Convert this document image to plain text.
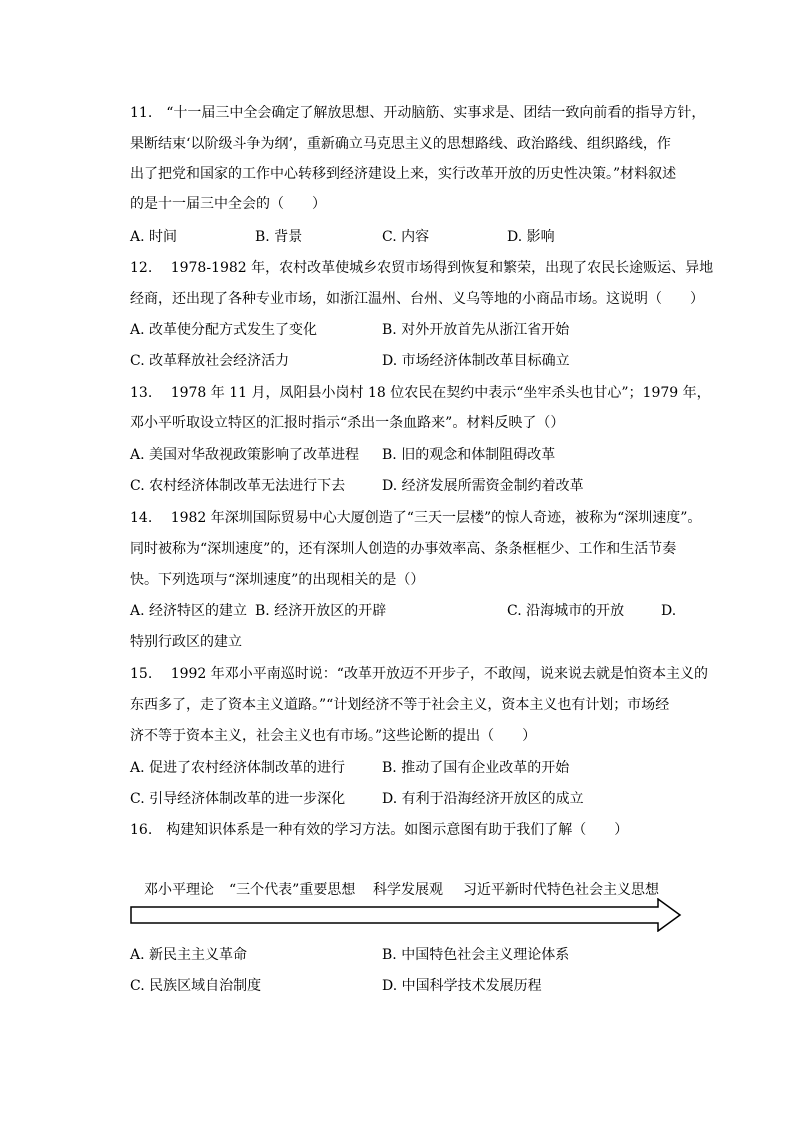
11.　“十一届三中全会确定了解放思想、开动脑筋、实事求是、团结一致向前看的指导方针，
果断结束‘以阶级斗争为纲’，重新确立马克思主义的思想路线、政治路线、组织路线，作
出了把党和国家的工作中心转移到经济建设上来，实行改革开放的历史性决策。”材料叙述
的是十一届三中全会的（　　）
A. 时间	B. 背景	C. 内容	D. 影响
12.　 1978-1982 年，农村改革使城乡农贸市场得到恢复和繁荣，出现了农民长途贩运、异地
经商，还出现了各种专业市场，如浙江温州、台州、义乌等地的小商品市场。这说明（　　）
A. 改革使分配方式发生了变化	B. 对外开放首先从浙江省开始
C. 改革释放社会经济活力	D. 市场经济体制改革目标确立
13.　 1978 年 11 月，凤阳县小岗村 18 位农民在契约中表示“坐牢杀头也甘心”；1979 年，
邓小平听取设立特区的汇报时指示“杀出一条血路来”。材料反映了（）
A. 美国对华敌视政策影响了改革进程 B. 旧的观念和体制阻碍改革
C. 农村经济体制改革无法进行下去	D. 经济发展所需资金制约着改革
14.　 1982 年深圳国际贸易中心大厦创造了“三天一层楼”的惊人奇迹，被称为“深圳速度”。
同时被称为“深圳速度”的，还有深圳人创造的办事效率高、条条框框少、工作和生活节奏
快。下列选项与“深圳速度”的出现相关的是（）
A. 经济特区的建立 B. 经济开放区的开辟	C. 沿海城市的开放	D.
特别行政区的建立
15.　 1992 年邓小平南巡时说：“改革开放迈不开步子，不敢闯，说来说去就是怕资本主义的
东西多了，走了资本主义道路。”“计划经济不等于社会主义，资本主义也有计划；市场经
济不等于资本主义，社会主义也有市场。”这些论断的提出（　　）
A. 促进了农村经济体制改革的进行	B. 推动了国有企业改革的开始
C. 引导经济体制改革的进一步深化	D. 有利于沿海经济开放区的成立
16.　构建知识体系是一种有效的学习方法。如图示意图有助于我们了解（　　）
邓小平理论 “三个代表”重要思想 科学发展观 习近平新时代特色社会主义思想
A. 新民主主义革命	B. 中国特色社会主义理论体系
C. 民族区域自治制度	D. 中国科学技术发展历程
